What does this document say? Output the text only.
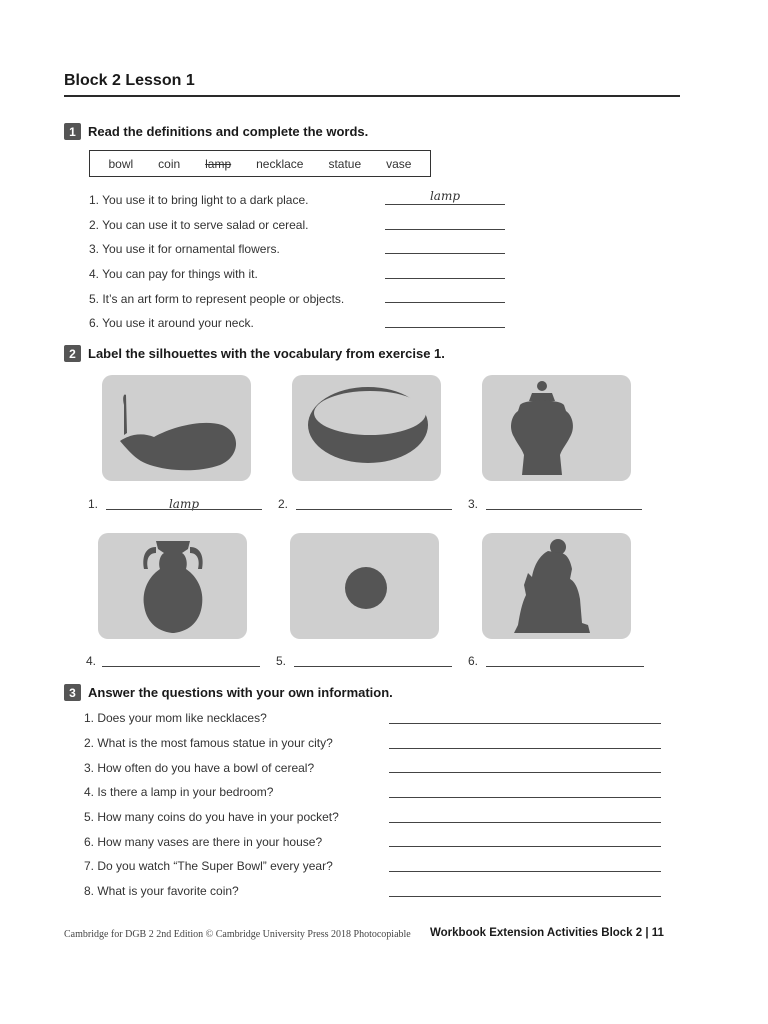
Block 2 Lesson 1
1 Read the definitions and complete the words.
bowl coin lamp necklace statue vase
1. You use it to bring light to a dark place.	lamp
2. You can use it to serve salad or cereal.
3. You use it for ornamental flowers.
4. You can pay for things with it.
5. It’s an art form to represent people or objects.
6. You use it around your neck.
2 Label the silhouettes with the vocabulary from exercise 1.
1.	lamp	2.	3.
4.	5.	6.
3 Answer the questions with your own information.
1. Does your mom like necklaces?
2. What is the most famous statue in your city?
3. How often do you have a bowl of cereal?
4. Is there a lamp in your bedroom?
5. How many coins do you have in your pocket?
6. How many vases are there in your house?
7. Do you watch “The Super Bowl” every year?
8. What is your favorite coin?
Cambridge for DGB 2 2nd Edition © Cambridge University Press 2018 Photocopiable Workbook Extension Activities Block 2 | 11
